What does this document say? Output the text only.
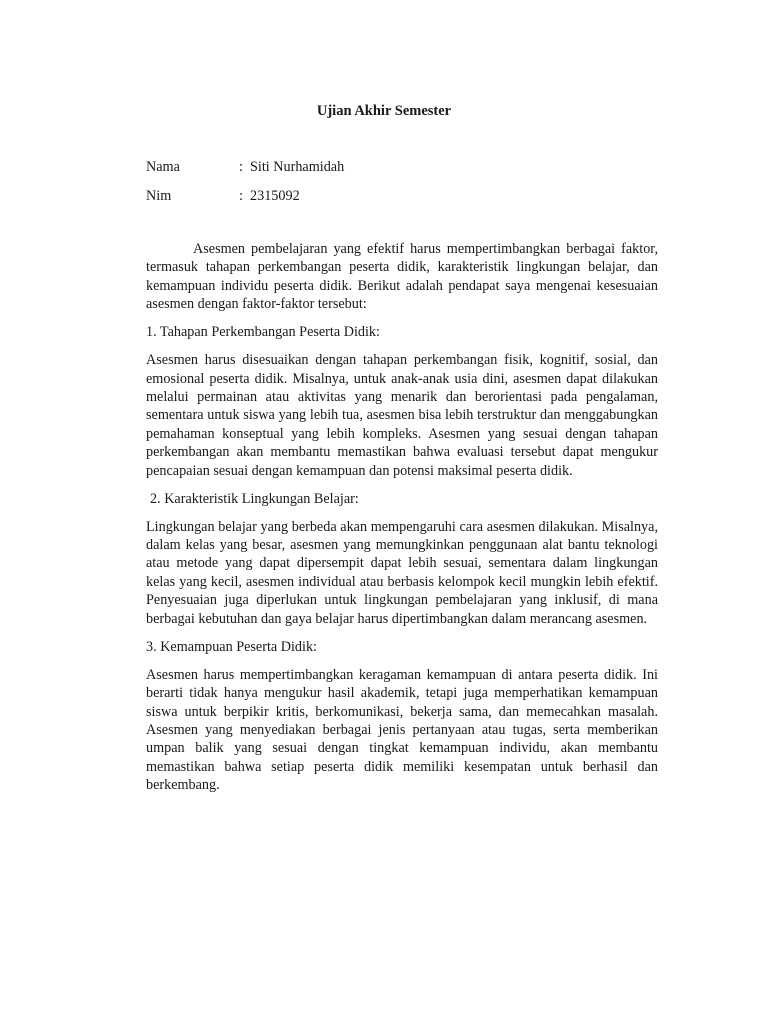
Ujian Akhir Semester
Nama	: Siti Nurhamidah
Nim	: 2315092

Asesmen pembelajaran yang efektif harus mempertimbangkan berbagai faktor, termasuk tahapan perkembangan peserta didik, karakteristik lingkungan belajar, dan kemampuan individu peserta didik. Berikut adalah pendapat saya mengenai kesesuaian asesmen dengan faktor-faktor tersebut:

1. Tahapan Perkembangan Peserta Didik:

Asesmen harus disesuaikan dengan tahapan perkembangan fisik, kognitif, sosial, dan emosional peserta didik. Misalnya, untuk anak-anak usia dini, asesmen dapat dilakukan melalui permainan atau aktivitas yang menarik dan berorientasi pada pengalaman, sementara untuk siswa yang lebih tua, asesmen bisa lebih terstruktur dan menggabungkan pemahaman konseptual yang lebih kompleks. Asesmen yang sesuai dengan tahapan perkembangan akan membantu memastikan bahwa evaluasi tersebut dapat mengukur pencapaian sesuai dengan kemampuan dan potensi maksimal peserta didik.

2. Karakteristik Lingkungan Belajar:

Lingkungan belajar yang berbeda akan mempengaruhi cara asesmen dilakukan. Misalnya, dalam kelas yang besar, asesmen yang memungkinkan penggunaan alat bantu teknologi atau metode yang dapat dipersempit dapat lebih sesuai, sementara dalam lingkungan kelas yang kecil, asesmen individual atau berbasis kelompok kecil mungkin lebih efektif. Penyesuaian juga diperlukan untuk lingkungan pembelajaran yang inklusif, di mana berbagai kebutuhan dan gaya belajar harus dipertimbangkan dalam merancang asesmen.

3. Kemampuan Peserta Didik:

Asesmen harus mempertimbangkan keragaman kemampuan di antara peserta didik. Ini berarti tidak hanya mengukur hasil akademik, tetapi juga memperhatikan kemampuan siswa untuk berpikir kritis, berkomunikasi, bekerja sama, dan memecahkan masalah. Asesmen yang menyediakan berbagai jenis pertanyaan atau tugas, serta memberikan umpan balik yang sesuai dengan tingkat kemampuan individu, akan membantu memastikan bahwa setiap peserta didik memiliki kesempatan untuk berhasil dan berkembang.
